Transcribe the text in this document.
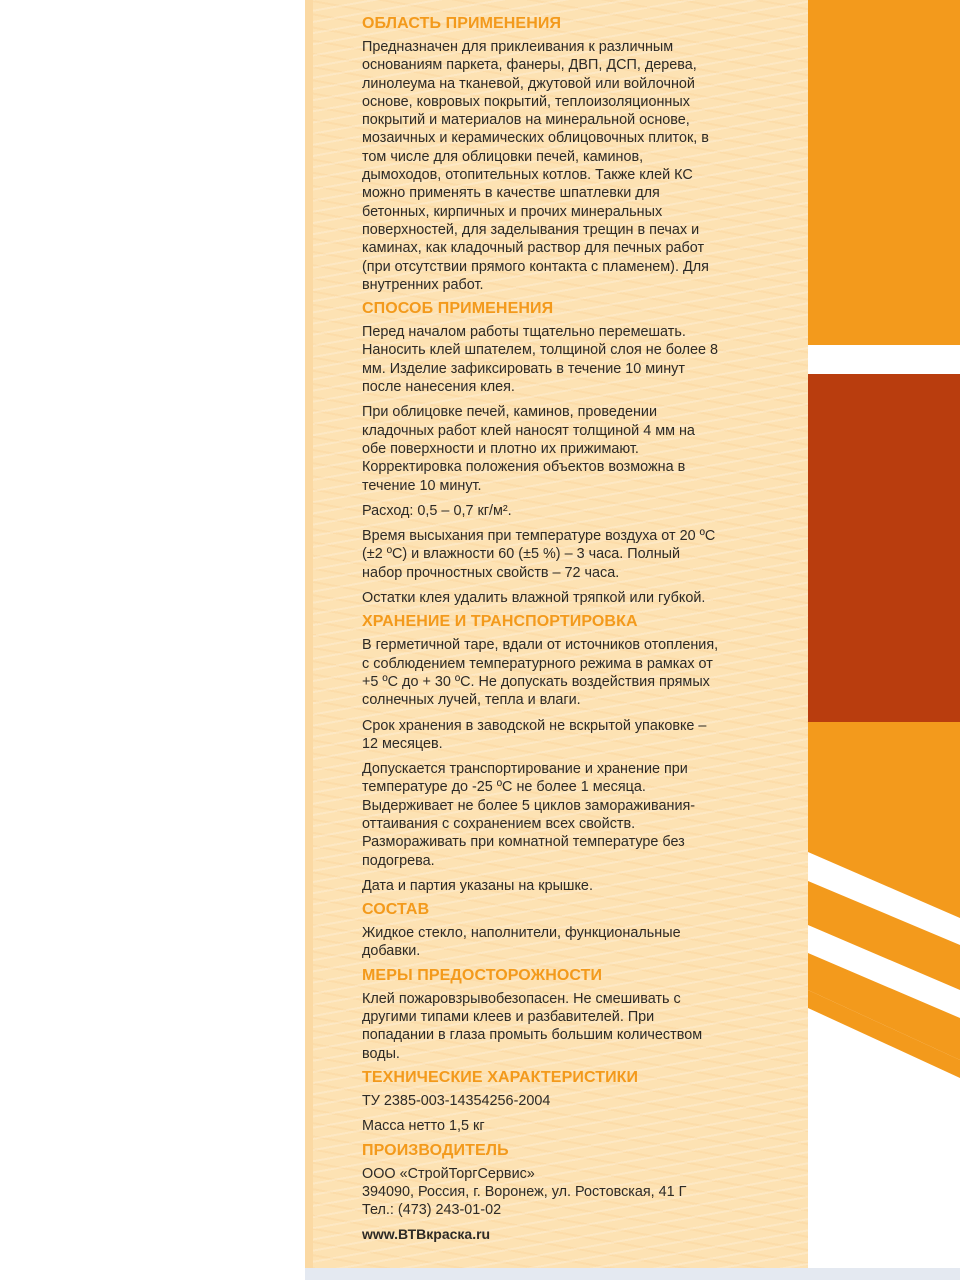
ОБЛАСТЬ ПРИМЕНЕНИЯ
Предназначен для приклеивания к различным
основаниям паркета, фанеры, ДВП, ДСП, дерева,
линолеума на тканевой, джутовой или войлочной
основе, ковровых покрытий, теплоизоляционных
покрытий и материалов на минеральной основе,
мозаичных и керамических облицовочных плиток, в
том числе для облицовки печей, каминов,
дымоходов, отопительных котлов. Также клей КС
можно применять в качестве шпатлевки для
бетонных, кирпичных и прочих минеральных
поверхностей, для заделывания трещин в печах и
каминах, как кладочный раствор для печных работ
(при отсутствии прямого контакта с пламенем). Для
внутренних работ.
СПОСОБ ПРИМЕНЕНИЯ
Перед началом работы тщательно перемешать.
Наносить клей шпателем, толщиной слоя не более 8
мм. Изделие зафиксировать в течение 10 минут
после нанесения клея.
При облицовке печей, каминов, проведении
кладочных работ клей наносят толщиной 4 мм на
обе поверхности и плотно их прижимают.
Корректировка положения объектов возможна в
течение 10 минут.
Расход: 0,5 – 0,7 кг/м².
Время высыхания при температуре воздуха от 20 ºС
(±2 ºС) и влажности 60 (±5 %) – 3 часа. Полный
набор прочностных свойств – 72 часа.
Остатки клея удалить влажной тряпкой или губкой.
ХРАНЕНИЕ И ТРАНСПОРТИРОВКА
В герметичной таре, вдали от источников отопления,
с соблюдением температурного режима в рамках от
+5 ºС до + 30 ºС. Не допускать воздействия прямых
солнечных лучей, тепла и влаги.
Срок хранения в заводской не вскрытой упаковке –
12 месяцев.
Допускается транспортирование и хранение при
температуре до -25 ºС не более 1 месяца.
Выдерживает не более 5 циклов замораживания-
оттаивания с сохранением всех свойств.
Размораживать при комнатной температуре без
подогрева.
Дата и партия указаны на крышке.
СОСТАВ
Жидкое стекло, наполнители, функциональные
добавки.
МЕРЫ ПРЕДОСТОРОЖНОСТИ
Клей пожаровзрывобезопасен. Не смешивать с
другими типами клеев и разбавителей. При
попадании в глаза промыть большим количеством
воды.
ТЕХНИЧЕСКИЕ ХАРАКТЕРИСТИКИ
ТУ 2385-003-14354256-2004
Масса нетто 1,5 кг
ПРОИЗВОДИТЕЛЬ
ООО «СтройТоргСервис»
394090, Россия, г. Воронеж, ул. Ростовская, 41 Г
Тел.: (473) 243-01-02
www.ВТВкраска.ru
